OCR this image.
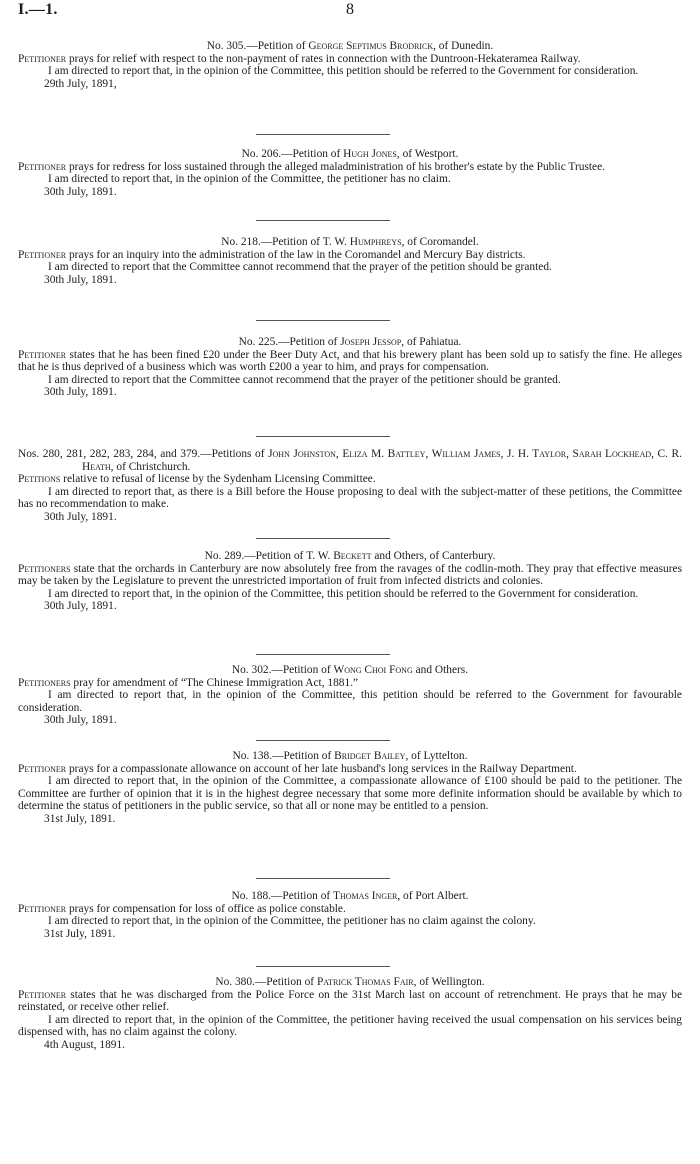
I.—1.	8
No. 305.—Petition of George Septimus Brodrick, of Dunedin.
Petitioner prays for relief with respect to the non-payment of rates in connection with the Duntroon-Hekateramea Railway.
I am directed to report that, in the opinion of the Committee, this petition should be referred to the Government for consideration.
29th July, 1891,
No. 206.—Petition of Hugh Jones, of Westport.
Petitioner prays for redress for loss sustained through the alleged maladministration of his brother's estate by the Public Trustee.
I am directed to report that, in the opinion of the Committee, the petitioner has no claim.
30th July, 1891.
No. 218.—Petition of T. W. Humphreys, of Coromandel.
Petitioner prays for an inquiry into the administration of the law in the Coromandel and Mercury Bay districts.
I am directed to report that the Committee cannot recommend that the prayer of the petition should be granted.
30th July, 1891.
No. 225.—Petition of Joseph Jessop, of Pahiatua.
Petitioner states that he has been fined £20 under the Beer Duty Act, and that his brewery plant has been sold up to satisfy the fine. He alleges that he is thus deprived of a business which was worth £200 a year to him, and prays for compensation.
I am directed to report that the Committee cannot recommend that the prayer of the petitioner should be granted.
30th July, 1891.
Nos. 280, 281, 282, 283, 284, and 379.—Petitions of John Johnston, Eliza M. Battley, William James, J. H. Taylor, Sarah Lockhead, C. R. Heath, of Christchurch.
Petitions relative to refusal of license by the Sydenham Licensing Committee.
I am directed to report that, as there is a Bill before the House proposing to deal with the subject-matter of these petitions, the Committee has no recommendation to make.
30th July, 1891.
No. 289.—Petition of T. W. Beckett and Others, of Canterbury.
Petitioners state that the orchards in Canterbury are now absolutely free from the ravages of the codlin-moth. They pray that effective measures may be taken by the Legislature to prevent the unrestricted importation of fruit from infected districts and colonies.
I am directed to report that, in the opinion of the Committee, this petition should be referred to the Government for consideration.
30th July, 1891.
No. 302.—Petition of Wong Choi Fong and Others.
Petitioners pray for amendment of “The Chinese Immigration Act, 1881.”
I am directed to report that, in the opinion of the Committee, this petition should be referred to the Government for favourable consideration.
30th July, 1891.
No. 138.—Petition of Bridget Bailey, of Lyttelton.
Petitioner prays for a compassionate allowance on account of her late husband's long services in the Railway Department.
I am directed to report that, in the opinion of the Committee, a compassionate allowance of £100 should be paid to the petitioner. The Committee are further of opinion that it is in the highest degree necessary that some more definite information should be available by which to determine the status of petitioners in the public service, so that all or none may be entitled to a pension.
31st July, 1891.
No. 188.—Petition of Thomas Inger, of Port Albert.
Petitioner prays for compensation for loss of office as police constable.
I am directed to report that, in the opinion of the Committee, the petitioner has no claim against the colony.
31st July, 1891.
No. 380.—Petition of Patrick Thomas Fair, of Wellington.
Petitioner states that he was discharged from the Police Force on the 31st March last on account of retrenchment. He prays that he may be reinstated, or receive other relief.
I am directed to report that, in the opinion of the Committee, the petitioner having received the usual compensation on his services being dispensed with, has no claim against the colony.
4th August, 1891.
